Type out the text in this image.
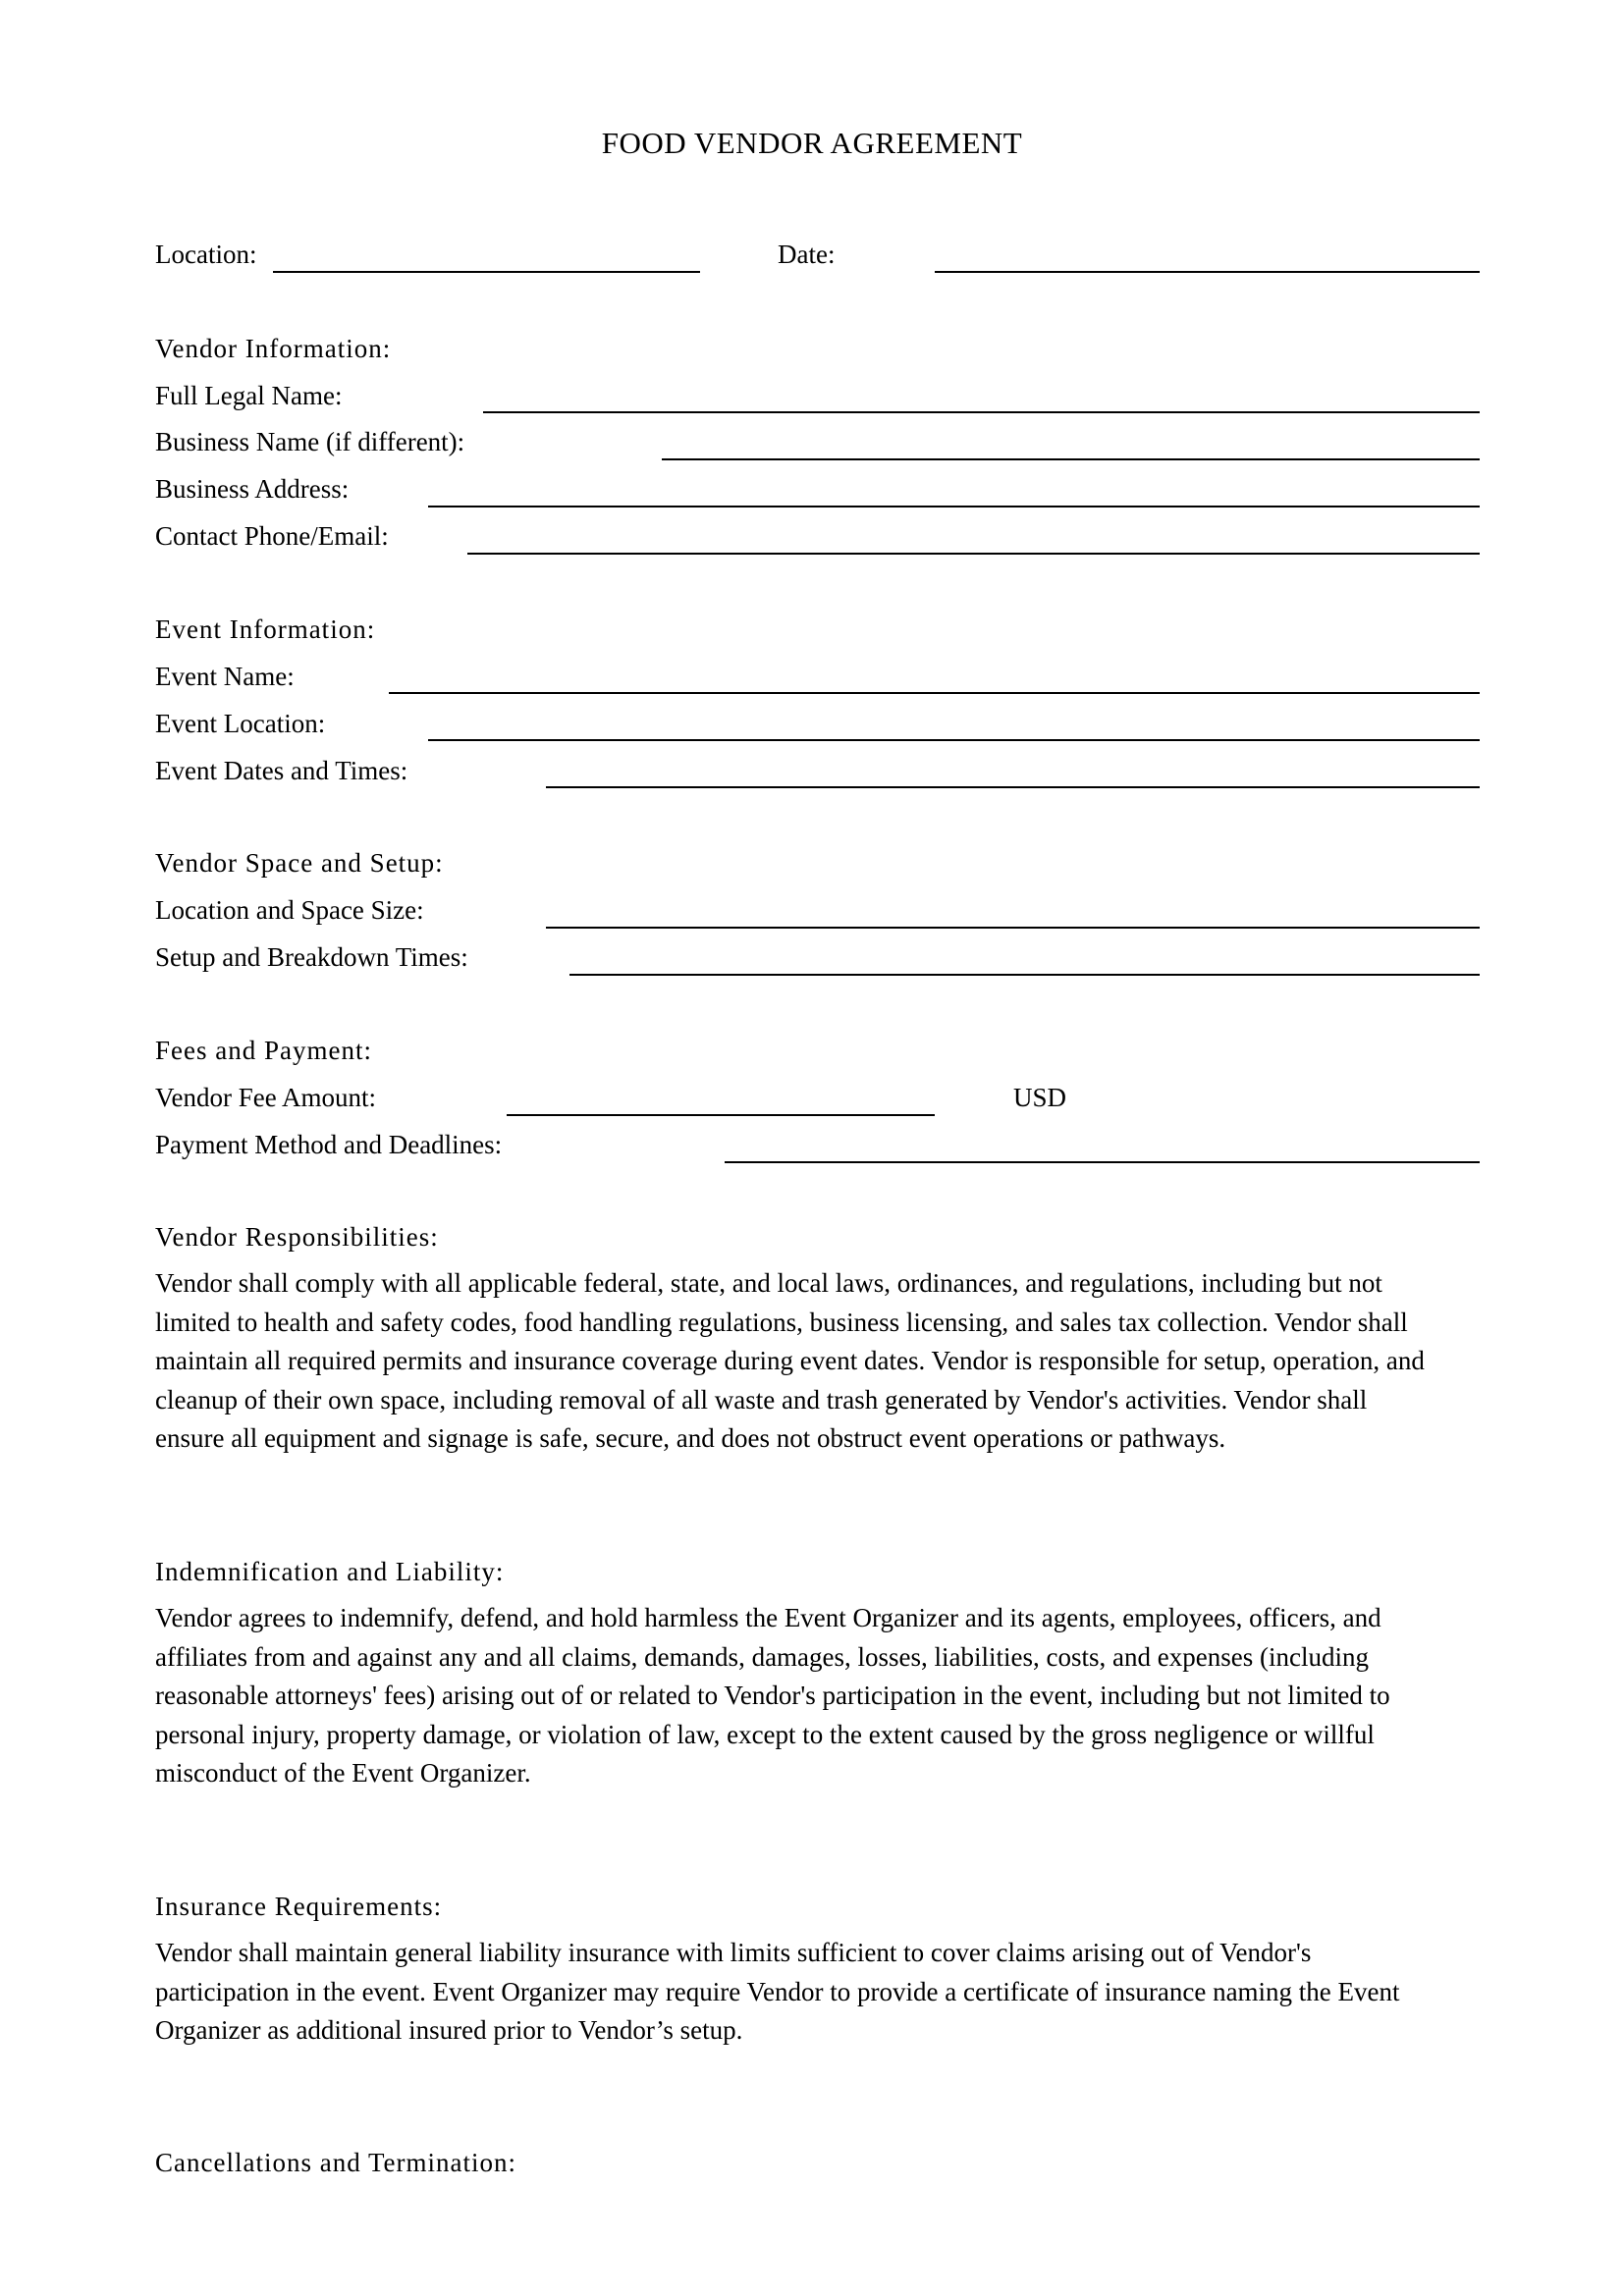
FOOD VENDOR AGREEMENT
Location:	Date:
Vendor Information:
Full Legal Name:
Business Name (if different):
Business Address:
Contact Phone/Email:
Event Information:
Event Name:
Event Location:
Event Dates and Times:
Vendor Space and Setup:
Location and Space Size:
Setup and Breakdown Times:
Fees and Payment:
Vendor Fee Amount:	USD
Payment Method and Deadlines:
Vendor Responsibilities:
Vendor shall comply with all applicable federal, state, and local laws, ordinances, and regulations, including but not
limited to health and safety codes, food handling regulations, business licensing, and sales tax collection. Vendor shall
maintain all required permits and insurance coverage during event dates. Vendor is responsible for setup, operation, and
cleanup of their own space, including removal of all waste and trash generated by Vendor's activities. Vendor shall
ensure all equipment and signage is safe, secure, and does not obstruct event operations or pathways.
Indemnification and Liability:
Vendor agrees to indemnify, defend, and hold harmless the Event Organizer and its agents, employees, officers, and
affiliates from and against any and all claims, demands, damages, losses, liabilities, costs, and expenses (including
reasonable attorneys' fees) arising out of or related to Vendor's participation in the event, including but not limited to
personal injury, property damage, or violation of law, except to the extent caused by the gross negligence or willful
misconduct of the Event Organizer.
Insurance Requirements:
Vendor shall maintain general liability insurance with limits sufficient to cover claims arising out of Vendor's
participation in the event. Event Organizer may require Vendor to provide a certificate of insurance naming the Event
Organizer as additional insured prior to Vendor’s setup.
Cancellations and Termination:
